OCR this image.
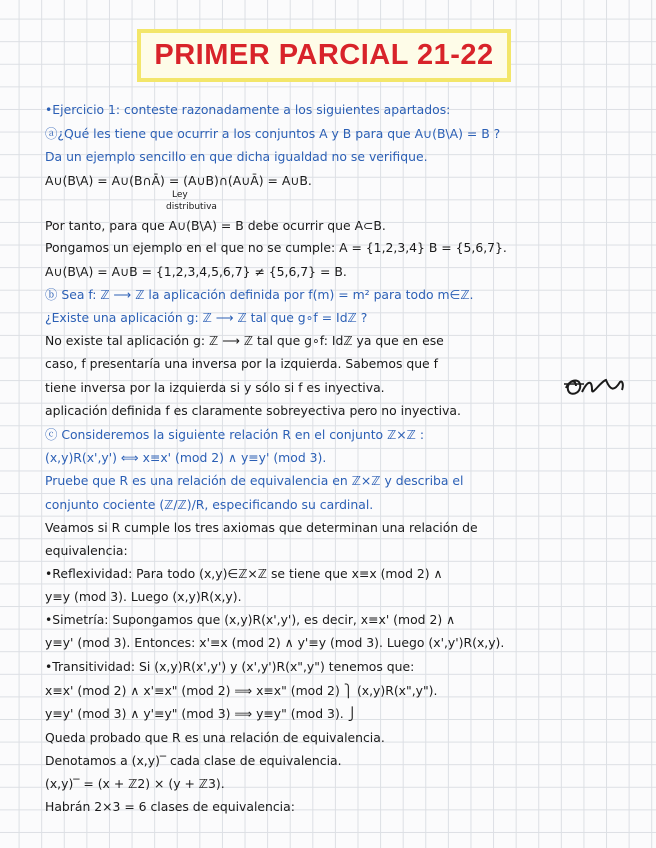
PRIMER PARCIAL 21-22
•Ejercicio 1: conteste razonadamente a los siguientes apartados:
ⓐ¿Qué les tiene que ocurrir a los conjuntos A y B para que A∪(B\A) = B ?
Da un ejemplo sencillo en que dicha igualdad no se verifique.
A∪(B\A) = A∪(B∩Ā) = (A∪B)∩(A∪Ā) = A∪B.
Por tanto, para que A∪(B\A) = B debe ocurrir que A⊂B.
Pongamos un ejemplo en el que no se cumple: A = {1,2,3,4} B = {5,6,7}.
A∪(B\A) = A∪B = {1,2,3,4,5,6,7} ≠ {5,6,7} = B.
ⓑ Sea f: ℤ ⟶ ℤ la aplicación definida por f(m) = m² para todo m∈ℤ.
¿Existe una aplicación g: ℤ ⟶ ℤ tal que g∘f = Idℤ ?
No existe tal aplicación g: ℤ ⟶ ℤ tal que g∘f: Idℤ ya que en ese
caso, f presentaría una inversa por la izquierda. Sabemos que f
tiene inversa por la izquierda si y sólo si f es inyectiva.
aplicación definida f es claramente sobreyectiva pero no inyectiva.
ⓒ Consideremos la siguiente relación R en el conjunto ℤ×ℤ :
(x,y)R(x',y') ⟺ x≡x' (mod 2) ∧ y≡y' (mod 3).
Pruebe que R es una relación de equivalencia en ℤ×ℤ y describa el
conjunto cociente (ℤ/ℤ)/R, especificando su cardinal.
Veamos si R cumple los tres axiomas que determinan una relación de
equivalencia:
•Reflexividad: Para todo (x,y)∈ℤ×ℤ se tiene que x≡x (mod 2) ∧
y≡y (mod 3). Luego (x,y)R(x,y).
•Simetría: Supongamos que (x,y)R(x',y'), es decir, x≡x' (mod 2) ∧
y≡y' (mod 3). Entonces: x'≡x (mod 2) ∧ y'≡y (mod 3). Luego (x',y')R(x,y).
•Transitividad: Si (x,y)R(x',y') y (x',y')R(x",y") tenemos que:
x≡x' (mod 2) ∧ x'≡x" (mod 2) ⟹ x≡x" (mod 2) ⎫ (x,y)R(x",y").
y≡y' (mod 3) ∧ y'≡y" (mod 3) ⟹ y≡y" (mod 3). ⎭
Queda probado que R es una relación de equivalencia.
Denotamos a (x,y)‾ cada clase de equivalencia.
(x,y)‾ = (x + ℤ2) × (y + ℤ3).
Habrán 2×3 = 6 clases de equivalencia:
Ley
distributiva
